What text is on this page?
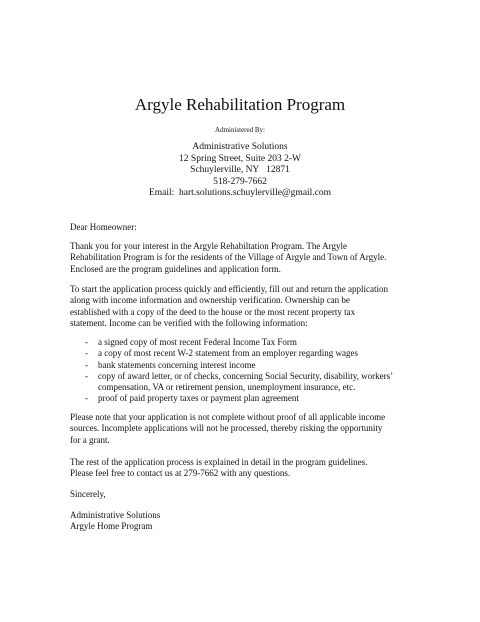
Argyle Rehabilitation Program
Administered By:
Administrative Solutions
12 Spring Street, Suite 203 2-W
Schuylerville, NY   12871
518-279-7662
Email:  hart.solutions.schuylerville@gmail.com
Dear Homeowner:
Thank you for your interest in the Argyle Rehabiltation Program. The Argyle
Rehabilitation Program is for the residents of the Village of Argyle and Town of Argyle.
Enclosed are the program guidelines and application form.
To start the application process quickly and efficiently, fill out and return the application
along with income information and ownership verification. Ownership can be
established with a copy of the deed to the house or the most recent property tax
statement. Income can be verified with the following information:
- a signed copy of most recent Federal Income Tax Form
- a copy of most recent W-2 statement from an employer regarding wages
- bank statements concerning interest income
- copy of award letter, or of checks, concerning Social Security, disability, workers’
compensation, VA or retirement pension, unemployment insurance, etc.
- proof of paid property taxes or payment plan agreement
Please note that your application is not complete without proof of all applicable income
sources. Incomplete applications will not be processed, thereby risking the opportunity
for a grant.
The rest of the application process is explained in detail in the program guidelines.
Please feel free to contact us at 279-7662 with any questions.
Sincerely,
Administrative Solutions
Argyle Home Program
